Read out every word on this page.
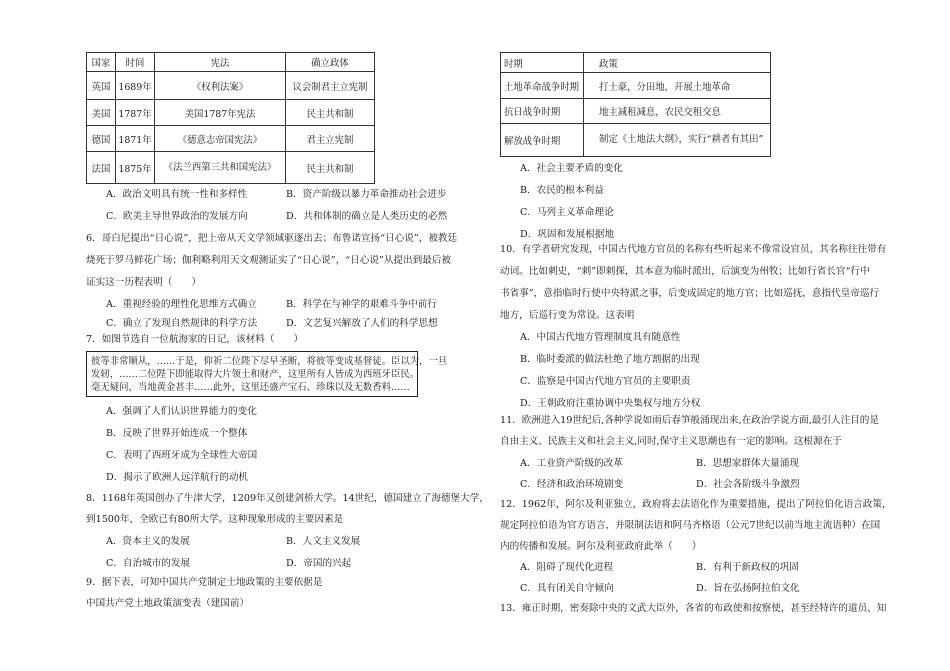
国家	时间	宪法	确立政体
英国	1689年	《权利法案》	议会制君主立宪制
美国	1787年	美国1787年宪法	民主共和制
德国	1871年	《德意志帝国宪法》	君主立宪制
法国	1875年	《法兰西第三共和国宪法》	民主共和制
A．政治文明具有统一性和多样性	B．资产阶级以暴力革命推动社会进步
C．欧美主导世界政治的发展方向	D．共和体制的确立是人类历史的必然
6．哥白尼提出“日心说”，把上帝从天文学领域驱逐出去；布鲁诺宣扬“日心说”，被教廷
烧死于罗马鲜花广场；伽利略利用天文观测证实了“日心说”，“日心说”从提出到最后被
证实这一历程表明（　　）
A．重视经验的理性化思维方式确立	B．科学在与神学的艰难斗争中前行
C．确立了发现自然规律的科学方法	D．文艺复兴解放了人们的科学思想
7．如图节选自一位航海家的日记，该材料（　　）
彼等非常顺从，……于是，仰祈二位陛下尽早圣断，将彼等变成基督徒。臣以为，一旦
发轫，……二位陛下即能取得大片领土和财产，这里所有人皆成为西班牙臣民。
毫无疑问，当地黄金甚丰……此外，这里还盛产宝石、珍珠以及无数香料……
A．强调了人们认识世界能力的变化
B．反映了世界开始连成一个整体
C．表明了西班牙成为全球性大帝国
D．揭示了欧洲人远洋航行的动机
8．1168年英国创办了牛津大学，1209年又创建剑桥大学。14世纪，德国建立了海德堡大学，
到1500年，全欧已有80所大学。这种现象形成的主要因素是
A．资本主义的发展	B．人文主义发展
C．自治城市的发展	D．帝国的兴起
9．据下表，可知中国共产党制定土地政策的主要依据是
中国共产党土地政策演变表（建国前）
时期	政策
土地革命战争时期	打土豪，分田地，开展土地革命
抗日战争时期	地主减租减息，农民交租交息
解放战争时期	制定《土地法大纲》，实行“耕者有其田”
A．社会主要矛盾的变化
B．农民的根本利益
C．马列主义革命理论
D．巩固和发展根据地
10．有学者研究发现，中国古代地方官员的名称有些听起来不像常设官员，其名称往往带有
动词。比如刺史，“刺”即刺探，其本意为临时派出，后演变为州牧；比如行省长官“行中
书省事”，意指临时行使中央特派之事，后变成固定的地方官；比如巡抚，意指代皇帝巡行
地方，后巡行变为常设。这表明
A．中国古代地方管理制度具有随意性
B．临时委派的做法杜绝了地方割据的出现
C．监察是中国古代地方官员的主要职责
D．王朝政府注重协调中央集权与地方分权
11．欧洲进入19世纪后,各种学说如雨后春笋般涌现出来,在政治学说方面,最引人注目的是
自由主义、民族主义和社会主义,同时,保守主义思潮也有一定的影响。这根源在于
A．工业资产阶级的改革	B．思想家群体大量涌现
C．经济和政治环境剧变	D．社会各阶级斗争激烈
12．1962年，阿尔及利亚独立，政府将去法语化作为重要措施，提出了阿拉伯化语言政策，
规定阿拉伯语为官方语言，并限制法语和阿马齐格语（公元7世纪以前当地主流语种）在国
内的传播和发展。阿尔及利亚政府此举（　　）
A．阻碍了现代化进程	B．有利于新政权的巩固
C．具有闭关自守倾向	D．旨在弘扬阿拉伯文化
13．雍正时期，密奏除中央的文武大臣外，各省的布政使和按察使，甚至经特许的道员、知
